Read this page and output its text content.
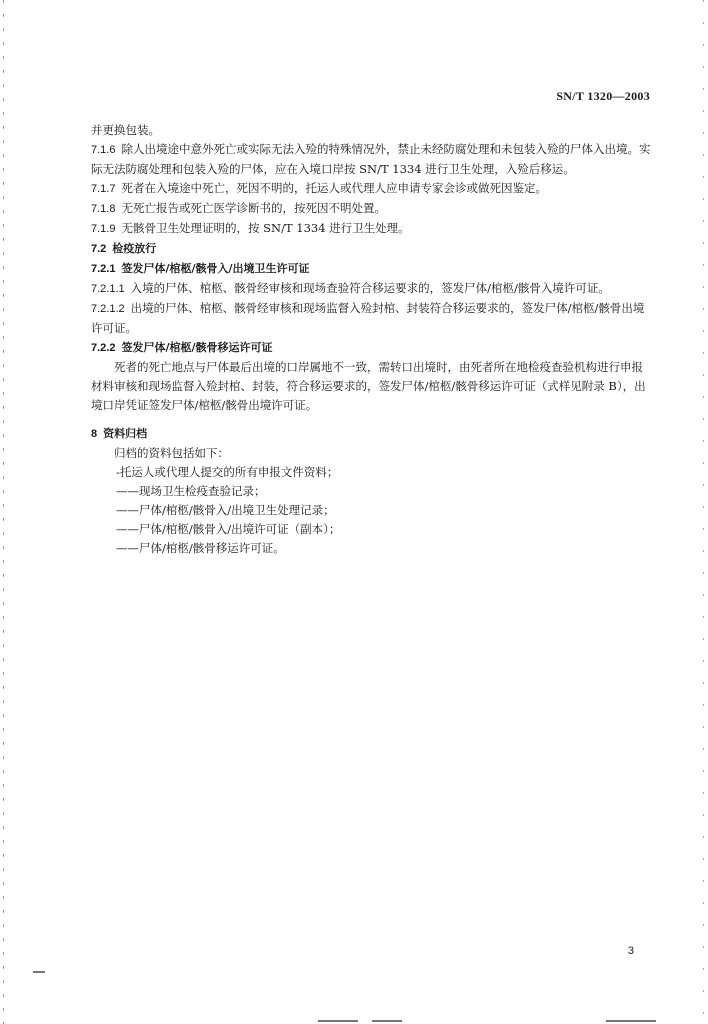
SN/T 1320—2003

并更换包装。

7.1.6 除人出境途中意外死亡或实际无法入殓的特殊情况外，禁止未经防腐处理和未包装入殓的尸体入出境。实际无法防腐处理和包装入殓的尸体，应在入境口岸按 SN/T 1334 进行卫生处理，入殓后移运。

7.1.7 死者在入境途中死亡，死因不明的，托运人或代理人应申请专家会诊或做死因鉴定。

7.1.8 无死亡报告或死亡医学诊断书的，按死因不明处置。

7.1.9 无骸骨卫生处理证明的，按 SN/T 1334 进行卫生处理。

7.2 检疫放行

7.2.1 签发尸体/棺柩/骸骨入/出境卫生许可证

7.2.1.1 入境的尸体、棺柩、骸骨经审核和现场查验符合移运要求的，签发尸体/棺柩/骸骨入境许可证。

7.2.1.2 出境的尸体、棺柩、骸骨经审核和现场监督入殓封棺、封装符合移运要求的，签发尸体/棺柩/骸骨出境许可证。

7.2.2 签发尸体/棺柩/骸骨移运许可证

死者的死亡地点与尸体最后出境的口岸属地不一致，需转口出境时，由死者所在地检疫查验机构进行申报材料审核和现场监督入殓封棺、封装，符合移运要求的，签发尸体/棺柩/骸骨移运许可证（式样见附录 B），出境口岸凭证签发尸体/棺柩/骸骨出境许可证。

8 资料归档

归档的资料包括如下：

-托运人或代理人提交的所有申报文件资料；

——现场卫生检疫查验记录；

——尸体/棺柩/骸骨入/出境卫生处理记录；

——尸体/棺柩/骸骨入/出境许可证（副本）；

——尸体/棺柩/骸骨移运许可证。

3
